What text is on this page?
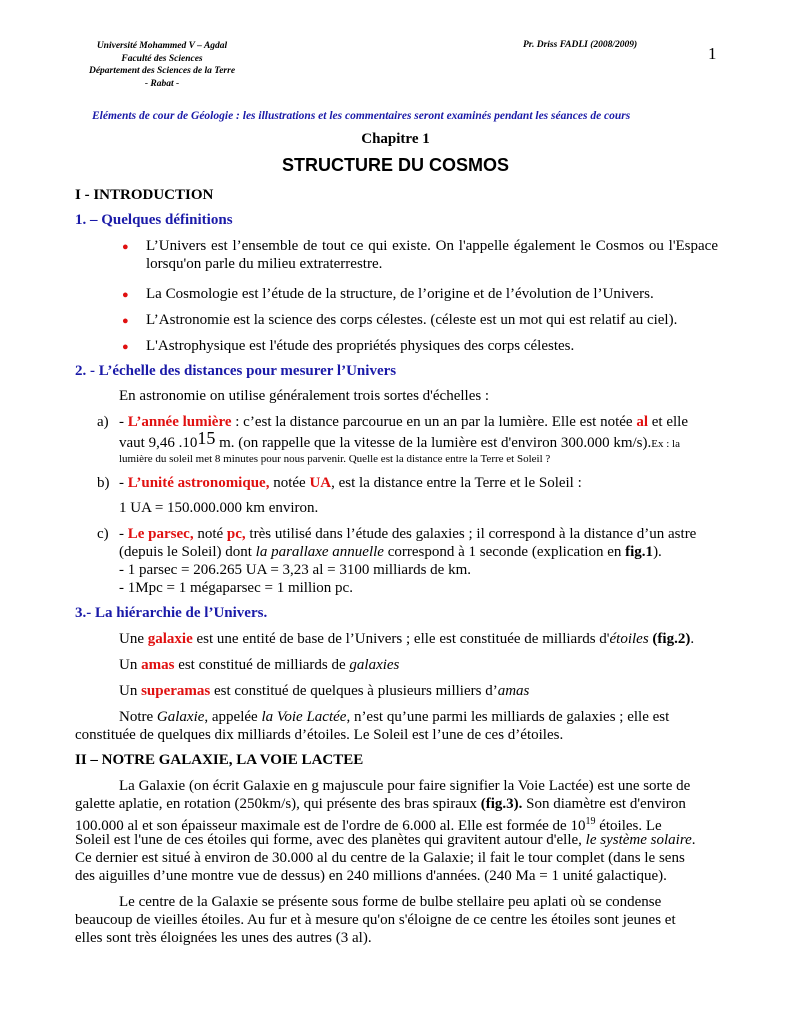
Université Mohammed V – Agdal
Faculté des Sciences
Département des Sciences de la Terre
- Rabat -
Pr. Driss FADLI (2008/2009)	1
Eléments de cour de Géologie : les illustrations et les commentaires seront examinés pendant les séances de cours
Chapitre 1
STRUCTURE DU COSMOS
I - INTRODUCTION
1. – Quelques définitions
● L’Univers est l’ensemble de tout ce qui existe. On l'appelle également le Cosmos ou l'Espace lorsqu'on parle du milieu extraterrestre.

● La Cosmologie est l’étude de la structure, de l’origine et de l’évolution de l’Univers.

● L’Astronomie est la science des corps célestes. (céleste est un mot qui est relatif au ciel).

● L'Astrophysique est l'étude des propriétés physiques des corps célestes.

2. - L’échelle des distances pour mesurer l’Univers

En astronomie on utilise généralement trois sortes d'échelles :

a) - L’année lumière : c’est la distance parcourue en un an par la lumière. Elle est notée al et elle

vaut 9,46 .1015 m. (on rappelle que la vitesse de la lumière est d'environ 300.000 km/s).Ex : la

lumière du soleil met 8 minutes pour nous parvenir. Quelle est la distance entre la Terre et Soleil ?

b) - L’unité astronomique, notée UA, est la distance entre la Terre et le Soleil :

1 UA = 150.000.000 km environ.

c) - Le parsec, noté pc, très utilisé dans l’étude des galaxies ; il correspond à la distance d’un astre

(depuis le Soleil) dont la parallaxe annuelle correspond à 1 seconde (explication en fig.1).

- 1 parsec = 206.265 UA = 3,23 al = 3100 milliards de km.

- 1Mpc = 1 mégaparsec = 1 million pc.

3.- La hiérarchie de l’Univers.

Une galaxie est une entité de base de l’Univers ; elle est constituée de milliards d'étoiles (fig.2).

Un amas est constitué de milliards de galaxies

Un superamas est constitué de quelques à plusieurs milliers d’amas

Notre Galaxie, appelée la Voie Lactée, n’est qu’une parmi les milliards de galaxies ; elle est

constituée de quelques dix milliards d’étoiles. Le Soleil est l’une de ces d’étoiles.

II – NOTRE GALAXIE, LA VOIE LACTEE

La Galaxie (on écrit Galaxie en g majuscule pour faire signifier la Voie Lactée) est une sorte de

galette aplatie, en rotation (250km/s), qui présente des bras spiraux (fig.3). Son diamètre est d'environ

100.000 al et son épaisseur maximale est de l'ordre de 6.000 al. Elle est formée de $10^{19}$ étoiles. Le

Soleil est l'une de ces étoiles qui forme, avec des planètes qui gravitent autour d'elle, le système solaire.

Ce dernier est situé à environ de 30.000 al du centre de la Galaxie; il fait le tour complet (dans le sens

des aiguilles d’une montre vue de dessus) en 240 millions d'années. (240 Ma = 1 unité galactique).

Le centre de la Galaxie se présente sous forme de bulbe stellaire peu aplati où se condense

beaucoup de vieilles étoiles. Au fur et à mesure qu'on s'éloigne de ce centre les étoiles sont jeunes et

elles sont très éloignées les unes des autres (3 al).
